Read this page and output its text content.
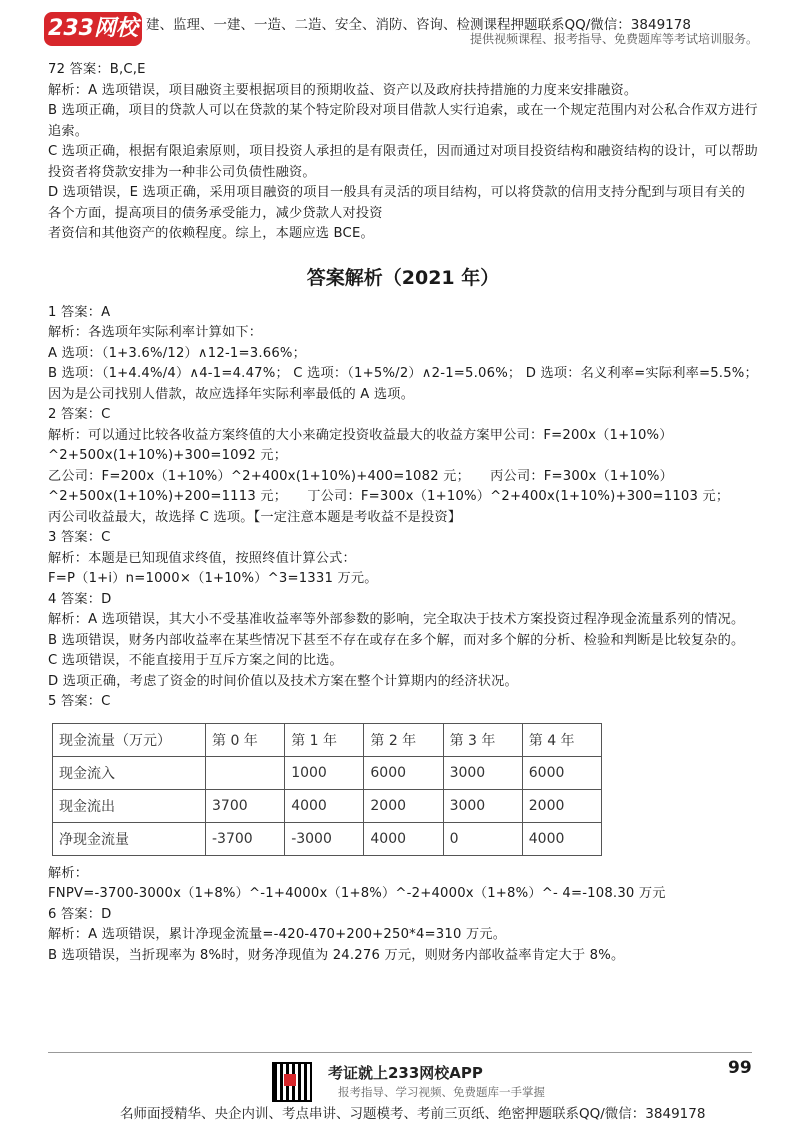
233网校 建、监理、一建、一造、二造、安全、消防、咨询、检测课程押题联系QQ/微信：3849178
提供视频课程、报考指导、免费题库等考试培训服务。

72 答案：B,C,E

解析：A 选项错误，项目融资主要根据项目的预期收益、资产以及政府扶持措施的力度来安排融资。

B 选项正确，项目的贷款人可以在贷款的某个特定阶段对项目借款人实行追索，或在一个规定范围内对公私合作双方进行追索。

C 选项正确，根据有限追索原则，项目投资人承担的是有限责任，因而通过对项目投资结构和融资结构的设计，可以帮助投资者将贷款安排为一种非公司负债性融资。

D 选项错误，E 选项正确，采用项目融资的项目一般具有灵活的项目结构，可以将贷款的信用支持分配到与项目有关的各个方面，提高项目的债务承受能力，减少贷款人对投资

者资信和其他资产的依赖程度。综上，本题应选 BCE。

答案解析（2021 年）

1 答案：A

解析：各选项年实际利率计算如下：

A 选项：（1+3.6%/12）∧12-1=3.66%；

B 选项：（1+4.4%/4）∧4-1=4.47%； C 选项：（1+5%/2）∧2-1=5.06%； D 选项：名义利率=实际利率=5.5%；

因为是公司找别人借款，故应选择年实际利率最低的 A 选项。

2 答案：C

解析：可以通过比较各收益方案终值的大小来确定投资收益最大的收益方案甲公司：F=200x（1+10%）^2+500x(1+10%)+300=1092 元；

乙公司：F=200x（1+10%）^2+400x(1+10%)+400=1082 元；　　丙公司：F=300x（1+10%）^2+500x(1+10%)+200=1113 元；　　丁公司：F=300x（1+10%）^2+400x(1+10%)+300=1103 元；

丙公司收益最大，故选择 C 选项。【一定注意本题是考收益不是投资】

3 答案：C

解析：本题是已知现值求终值，按照终值计算公式：

F=P（1+i）n=1000×（1+10%）^3=1331 万元。

4 答案：D

解析：A 选项错误，其大小不受基准收益率等外部参数的影响，完全取决于技术方案投资过程净现金流量系列的情况。

B 选项错误，财务内部收益率在某些情况下甚至不存在或存在多个解，而对多个解的分析、检验和判断是比较复杂的。

C 选项错误，不能直接用于互斥方案之间的比选。

D 选项正确，考虑了资金的时间价值以及技术方案在整个计算期内的经济状况。

5 答案：C

现金流量（万元）	第 0 年	第 1 年	第 2 年	第 3 年	第 4 年
现金流入		1000	6000	3000	6000
现金流出	3700	4000	2000	3000	2000
净现金流量	-3700	-3000	4000	0	4000

解析：

FNPV=-3700-3000x（1+8%）^-1+4000x（1+8%）^-2+4000x（1+8%）^- 4=-108.30 万元

6 答案：D

解析：A 选项错误，累计净现金流量=-420-470+200+250*4=310 万元。

B 选项错误，当折现率为 8%时，财务净现值为 24.276 万元，则财务内部收益率肯定大于 8%。

考证就上233网校APP
报考指导、学习视频、免费题库一手掌握
名师面授精华、央企内训、考点串讲、习题模考、考前三页纸、绝密押题联系QQ/微信：3849178
99
